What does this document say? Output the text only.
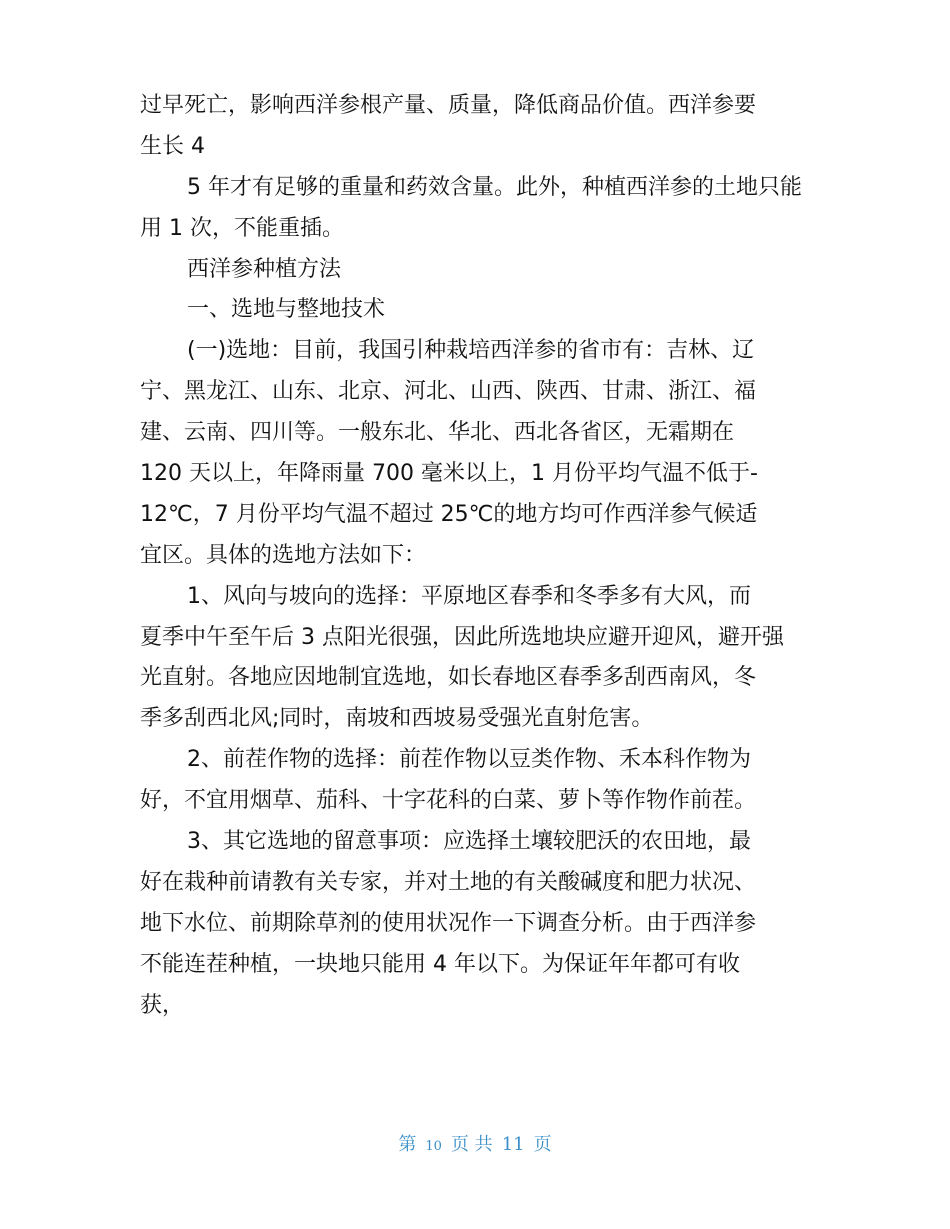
过早死亡，影响西洋参根产量、质量，降低商品价值。西洋参要
生长 4
5 年才有足够的重量和药效含量。此外，种植西洋参的土地只能
用 1 次，不能重插。
西洋参种植方法
一、选地与整地技术
(一)选地：目前，我国引种栽培西洋参的省市有：吉林、辽
宁、黑龙江、山东、北京、河北、山西、陕西、甘肃、浙江、福
建、云南、四川等。一般东北、华北、西北各省区，无霜期在
120 天以上，年降雨量 700 毫米以上，1 月份平均气温不低于-
12℃，7 月份平均气温不超过 25℃的地方均可作西洋参气候适
宜区。具体的选地方法如下：
1、风向与坡向的选择：平原地区春季和冬季多有大风，而
夏季中午至午后 3 点阳光很强，因此所选地块应避开迎风，避开强
光直射。各地应因地制宜选地，如长春地区春季多刮西南风，冬
季多刮西北风;同时，南坡和西坡易受强光直射危害。
2、前茬作物的选择：前茬作物以豆类作物、禾本科作物为
好，不宜用烟草、茄科、十字花科的白菜、萝卜等作物作前茬。
3、其它选地的留意事项：应选择土壤较肥沃的农田地，最
好在栽种前请教有关专家，并对土地的有关酸碱度和肥力状况、
地下水位、前期除草剂的使用状况作一下调查分析。由于西洋参
不能连茬种植，一块地只能用 4 年以下。为保证年年都可有收
获，
第 10 页 共 11 页
